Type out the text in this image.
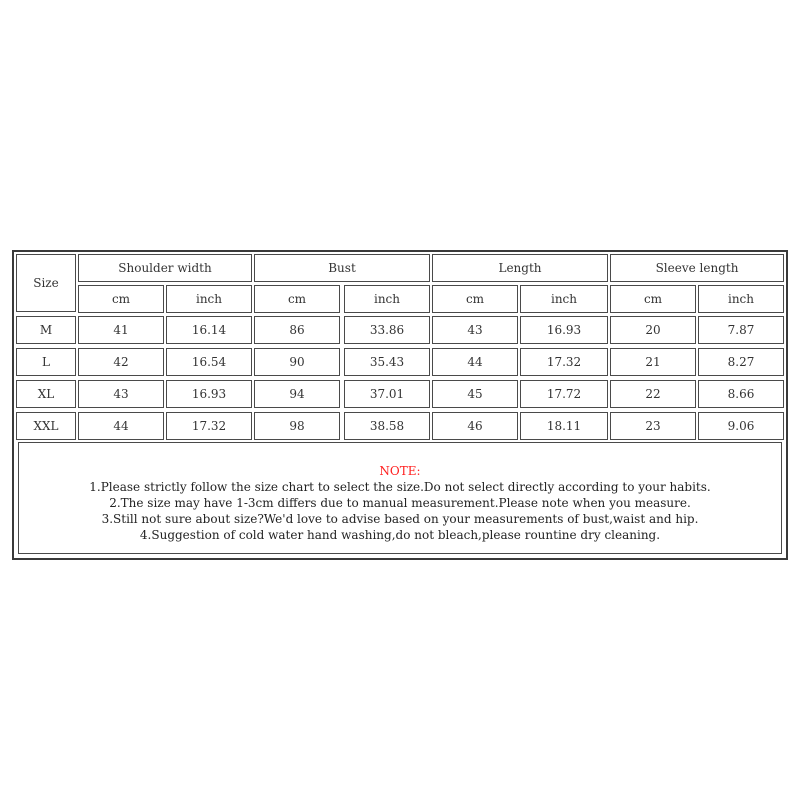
Size
Shoulder width	Bust	Length	Sleeve length
cm	inch	cm	inch	cm	inch	cm	inch
M	41	16.14	86	33.86	43	16.93	20	7.87
L	42	16.54	90	35.43	44	17.32	21	8.27
XL	43	16.93	94	37.01	45	17.72	22	8.66
XXL	44	17.32	98	38.58	46	18.11	23	9.06
NOTE:
1.Please strictly follow the size chart to select the size.Do not select directly according to your habits.
2.The size may have 1-3cm differs due to manual measurement.Please note when you measure.
3.Still not sure about size?We'd love to advise based on your measurements of bust,waist and hip.
4.Suggestion of cold water hand washing,do not bleach,please rountine dry cleaning.
